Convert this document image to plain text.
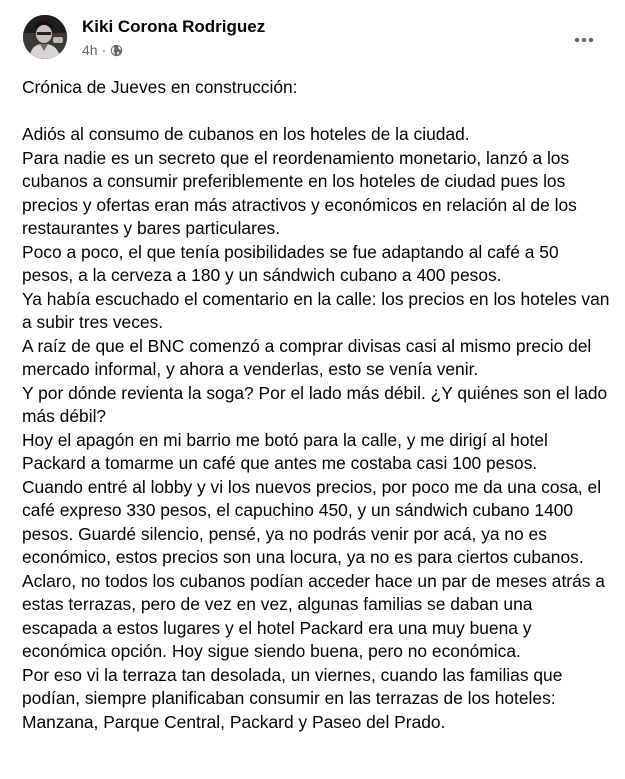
Kiki Corona Rodriguez
4h ·

Crónica de Jueves en construcción:

Adiós al consumo de cubanos en los hoteles de la ciudad.

Para nadie es un secreto que el reordenamiento monetario, lanzó a los cubanos a consumir preferiblemente en los hoteles de ciudad pues los precios y ofertas eran más atractivos y económicos en relación al de los restaurantes y bares particulares.

Poco a poco, el que tenía posibilidades se fue adaptando al café a 50 pesos, a la cerveza a 180 y un sándwich cubano a 400 pesos.

Ya había escuchado el comentario en la calle: los precios en los hoteles van a subir tres veces.

A raíz de que el BNC comenzó a comprar divisas casi al mismo precio del mercado informal, y ahora a venderlas, esto se venía venir.

Y por dónde revienta la soga? Por el lado más débil. ¿Y quiénes son el lado más débil?

Hoy el apagón en mi barrio me botó para la calle, y me dirigí al hotel Packard a tomarme un café que antes me costaba casi 100 pesos.

Cuando entré al lobby y vi los nuevos precios, por poco me da una cosa, el café expreso 330 pesos, el capuchino 450, y un sándwich cubano 1400 pesos. Guardé silencio, pensé, ya no podrás venir por acá, ya no es económico, estos precios son una locura, ya no es para ciertos cubanos.

Aclaro, no todos los cubanos podían acceder hace un par de meses atrás a estas terrazas, pero de vez en vez, algunas familias se daban una escapada a estos lugares y el hotel Packard era una muy buena y económica opción. Hoy sigue siendo buena, pero no económica.

Por eso vi la terraza tan desolada, un viernes, cuando las familias que podían, siempre planificaban consumir en las terrazas de los hoteles: Manzana, Parque Central, Packard y Paseo del Prado.
